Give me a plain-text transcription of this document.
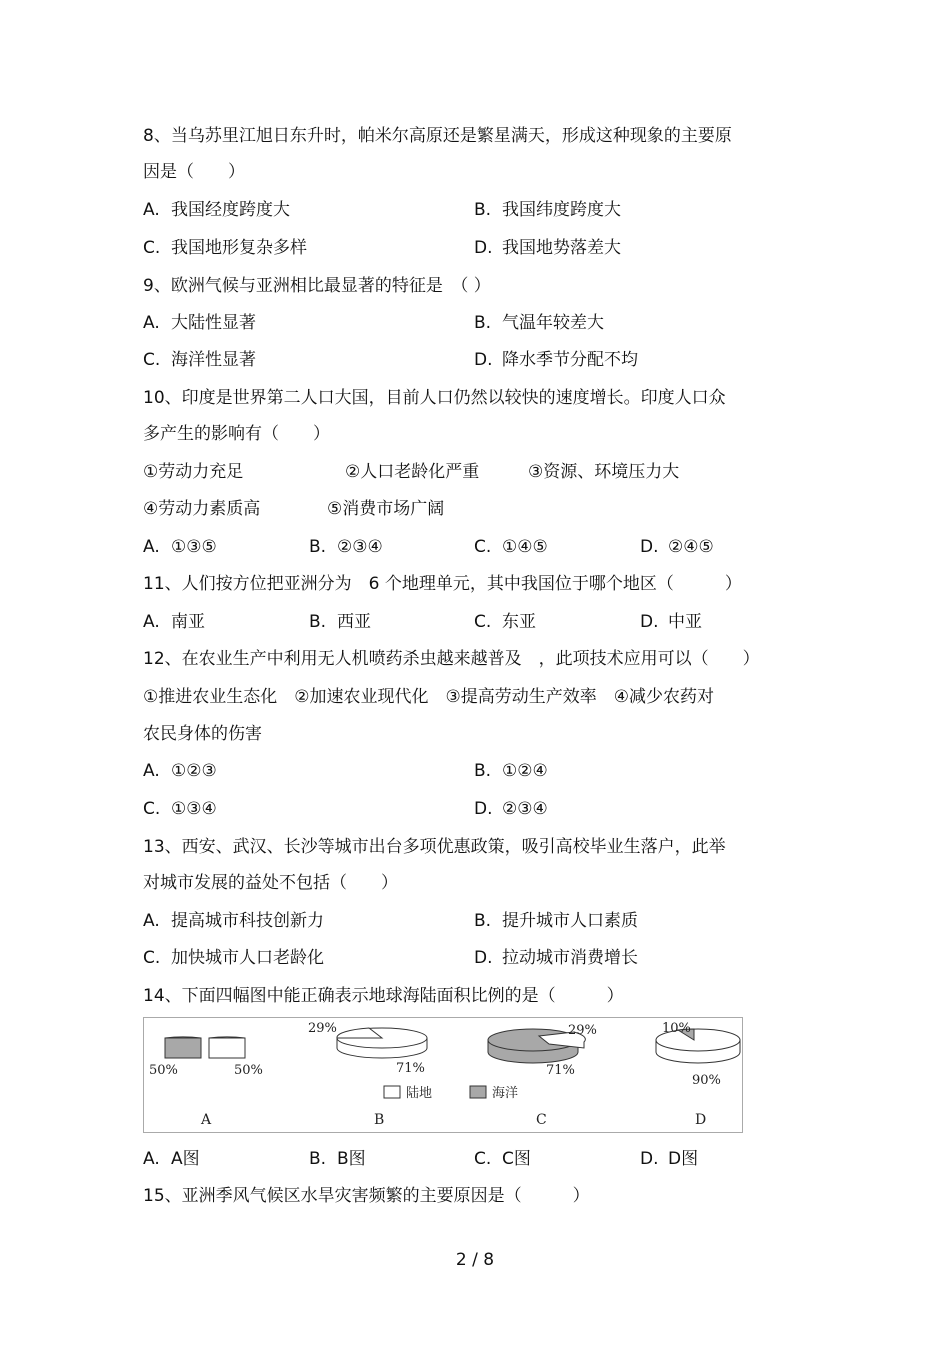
8、当乌苏里江旭日东升时，帕米尔高原还是繁星满天，形成这种现象的主要原
因是（　　）
A. 我国经度跨度大	B. 我国纬度跨度大
C. 我国地形复杂多样	D. 我国地势落差大
9、欧洲气候与亚洲相比最显著的特征是　（ ）
A. 大陆性显著	B. 气温年较差大
C. 海洋性显著	D. 降水季节分配不均
10、印度是世界第二人口大国，目前人口仍然以较快的速度增长。印度人口众
多产生的影响有（　　）
①劳动力充足	②人口老龄化严重	③资源、环境压力大
④劳动力素质高	⑤消费市场广阔
A. ①③⑤	B. ②③④	C. ①④⑤	D. ②④⑤
11、人们按方位把亚洲分为　6 个地理单元，其中我国位于哪个地区（　　　）
A. 南亚	B. 西亚	C. 东亚	D. 中亚
12、在农业生产中利用无人机喷药杀虫越来越普及　，此项技术应用可以（　　）
①推进农业生态化　②加速农业现代化　③提高劳动生产效率　④减少农药对
农民身体的伤害
A. ①②③	B. ①②④
C. ①③④	D. ②③④
13、西安、武汉、长沙等城市出台多项优惠政策，吸引高校毕业生落户，此举
对城市发展的益处不包括（　　）
A. 提高城市科技创新力	B. 提升城市人口素质
C. 加快城市人口老龄化	D. 拉动城市消费增长
14、下面四幅图中能正确表示地球海陆面积比例的是（　　　）
50%	50%
A
29%
71%
B
29%
71%
C
10%
90%
D
陆地	海洋
A. A图	B. B图	C. C图	D. D图
15、亚洲季风气候区水旱灾害频繁的主要原因是（　　　）
2 / 8
